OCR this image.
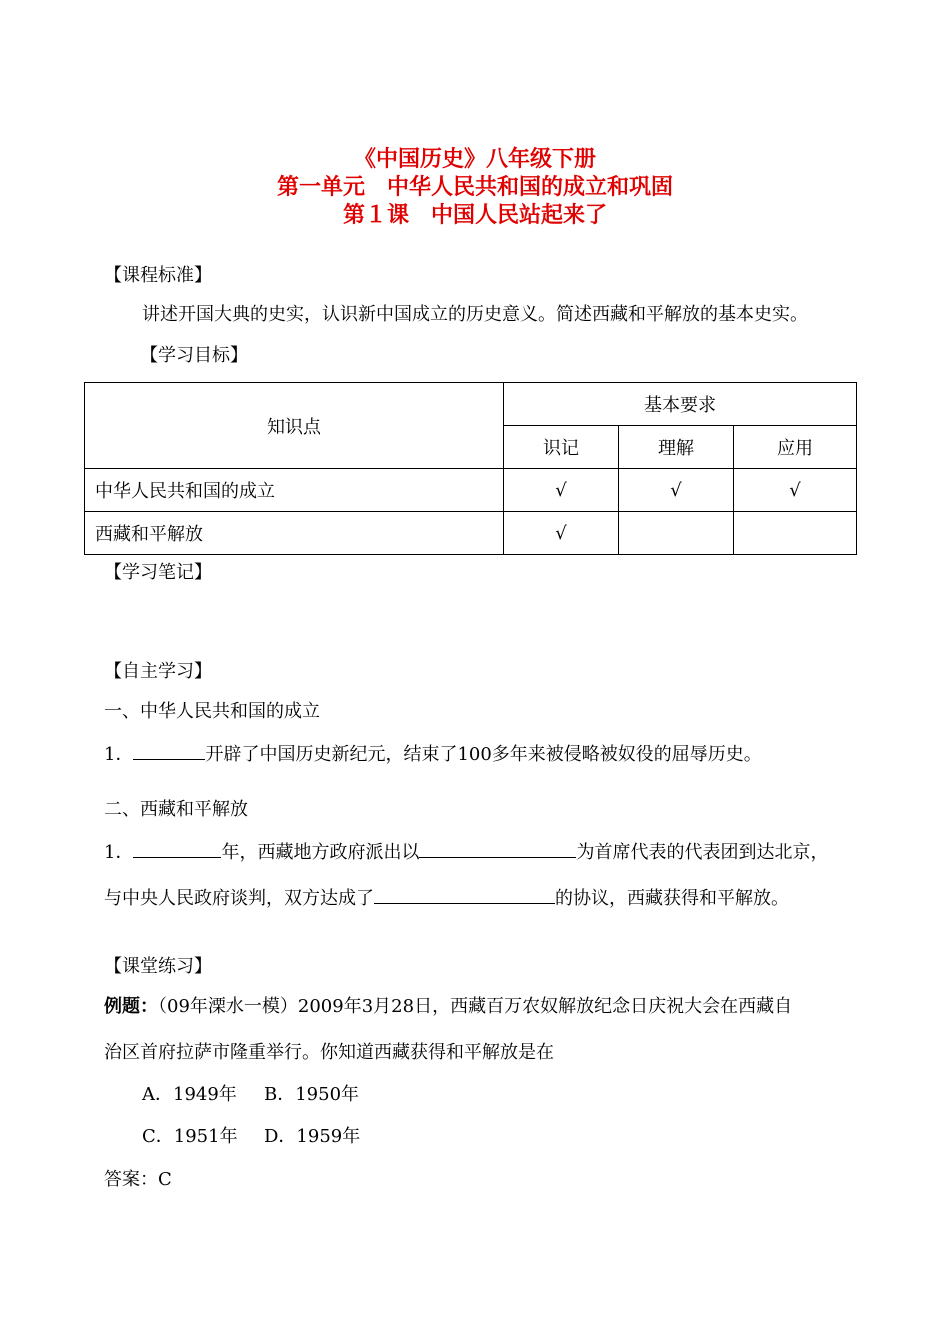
《中国历史》八年级下册
第一单元　中华人民共和国的成立和巩固
第１课　中国人民站起来了
【课程标准】
讲述开国大典的史实，认识新中国成立的历史意义。简述西藏和平解放的基本史实。
【学习目标】
知识点	基本要求		
	识记	理解	应用
中华人民共和国的成立	√	√	√
西藏和平解放	√		
【学习笔记】
【自主学习】
一、中华人民共和国的成立
1．	开辟了中国历史新纪元，结束了100多年来被侵略被奴役的屈辱历史。
二、西藏和平解放
1．	年，西藏地方政府派出以	为首席代表的代表团到达北京，
与中央人民政府谈判，双方达成了	的协议，西藏获得和平解放。
【课堂练习】
例题：（09年溧水一模）2009年3月28日，西藏百万农奴解放纪念日庆祝大会在西藏自
治区首府拉萨市隆重举行。你知道西藏获得和平解放是在
A．1949年 B．1950年
C．1951年 D．1959年
答案：C
